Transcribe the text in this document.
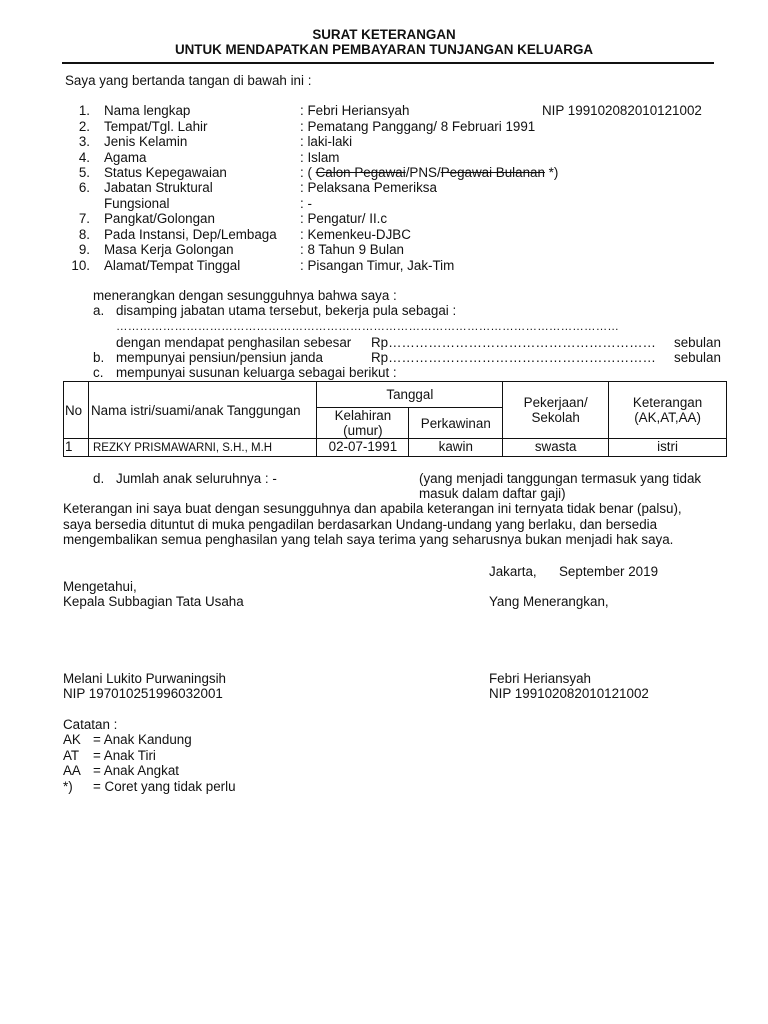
SURAT KETERANGAN
UNTUK MENDAPATKAN PEMBAYARAN TUNJANGAN KELUARGA
Saya yang bertanda tangan di bawah ini :
1. Nama lengkap	: Febri Heriansyah	NIP 199102082010121002
2. Tempat/Tgl. Lahir	: Pematang Panggang/ 8 Februari 1991
3. Jenis Kelamin	: laki-laki
4. Agama	: Islam
5. Status Kepegawaian	: ( Calon Pegawai/PNS/Pegawai Bulanan *)
6. Jabatan Struktural	: Pelaksana Pemeriksa
Fungsional	: -
7. Pangkat/Golongan	: Pengatur/ II.c
8. Pada Instansi, Dep/Lembaga : Kemenkeu-DJBC
9. Masa Kerja Golongan	: 8 Tahun 9 Bulan
10. Alamat/Tempat Tinggal	: Pisangan Timur, Jak-Tim
menerangkan dengan sesungguhnya bahwa saya :
a. disamping jabatan utama tersebut, bekerja pula sebagai :
…………………………………………………………………………………………………………………
dengan mendapat penghasilan sebesar Rp…………………………………………………… sebulan
b. mempunyai pensiun/pensiun janda	Rp…………………………………………………… sebulan
c. mempunyai susunan keluarga sebagai berikut :
No	Nama istri/suami/anak Tanggungan	Tanggal		Pekerjaan/ Sekolah	Keterangan (AK,AT,AA)
		Kelahiran (umur)	Perkawinan		
1	REZKY PRISMAWARNI, S.H., M.H	02-07-1991	kawin	swasta	istri
d. Jumlah anak seluruhnya : -	(yang menjadi tanggungan termasuk yang tidak
masuk dalam daftar gaji)
Keterangan ini saya buat dengan sesungguhnya dan apabila keterangan ini ternyata tidak benar (palsu),
saya bersedia dituntut di muka pengadilan berdasarkan Undang-undang yang berlaku, dan bersedia
mengembalikan semua penghasilan yang telah saya terima yang seharusnya bukan menjadi hak saya.
Jakarta, September 2019
Mengetahui,
Kepala Subbagian Tata Usaha	Yang Menerangkan,
Melani Lukito Purwaningsih
NIP 197010251996032001
Febri Heriansyah
NIP 199102082010121002
Catatan :
AK = Anak Kandung
AT = Anak Tiri
AA = Anak Angkat
*) = Coret yang tidak perlu
